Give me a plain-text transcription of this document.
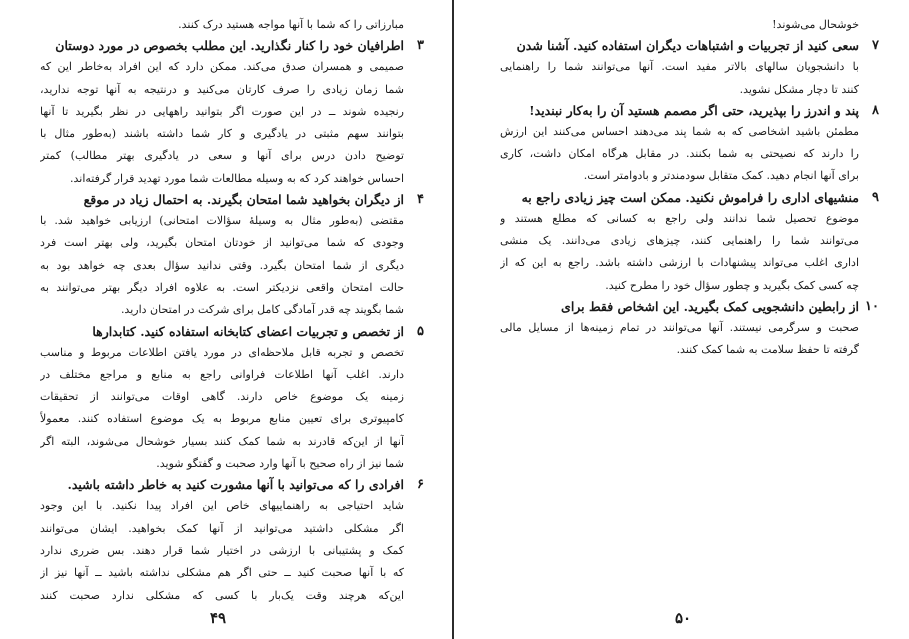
مبارزاتی را که شما با آنها مواجه هستید درک کنند.
۳
اطرافیان خود را کنار نگذارید. این مطلب بخصوص در مورد دوستان
صمیمی و همسران صدق می‌کند. ممکن دارد که این افراد به‌خاطر این که
شما زمان زیادی را صرف کارتان می‌کنید و در‌نتیجه به آنها توجه ندارید،
رنجیده شوند ــ در این صورت اگر بتوانید راههایی در نظر بگیرید تا آنها
بتوانند سهم مثبتی در یادگیری و کار شما داشته باشند (به‌طور مثال با
توضیح دادن درس برای آنها و سعی در یادگیری بهتر مطالب) کمتر
احساس خواهند کرد که به وسیله مطالعات شما مورد تهدید قرار گرفته‌اند.
۴
از دیگران بخواهید شما امتحان بگیرند. به احتمال زیاد در موقع
مقتضی (به‌طور مثال به وسیلهٔ سؤالات امتحانی) ارزیابی خواهید شد. با
وجودی که شما می‌توانید از خودتان امتحان بگیرید، ولی بهتر است فرد
دیگری از شما امتحان بگیرد. وقتی ندانید سؤال بعدی چه خواهد بود به
حالت امتحان واقعی نزدیکتر است. به علاوه افراد دیگر بهتر می‌توانند به
شما بگویند چه قدر آمادگی کامل برای شرکت در امتحان دارید.
۵
از تخصص و تجربیات اعضای کتابخانه استفاده کنید. کتابدارها
تخصص و تجربه قابل ملاحظه‌ای در مورد یافتن اطلاعات مربوط و مناسب
دارند. اغلب آنها اطلاعات فراوانی راجع به منابع و مراجع مختلف در
زمینه یک موضوع خاص دارند. گاهی اوقات می‌توانند از تحقیقات
کامپیوتری برای تعیین منابع مربوط به یک موضوع استفاده کنند. معمولاً
آنها از این‌که قادرند به شما کمک کنند بسیار خوشحال می‌شوند، البته اگر
شما نیز از راه صحیح با آنها وارد صحبت و گفتگو شوید.
۶
افرادی را که می‌توانید با آنها مشورت کنید به خاطر داشته باشید.
شاید احتیاجی به راهنماییهای خاص این افراد پیدا نکنید. با این وجود
اگر مشکلی داشتید می‌توانید از آنها کمک بخواهید. ایشان می‌توانند
کمک و پشتیبانی با ارزشی در اختیار شما قرار دهند. بس ضرری ندارد
که با آنها صحبت کنید ــ حتی اگر هم مشکلی نداشته باشید ــ آنها نیز از
این‌که هرچند وقت یک‌بار با کسی که مشکلی ندارد صحبت کنند
خوشحال می‌شوند!
۷
سعی کنید از تجربیات و اشتباهات دیگران استفاده کنید. آشنا شدن
با دانشجویان سالهای بالاتر مفید است. آنها می‌توانند شما را راهنمایی
کنند تا دچار مشکل نشوید.
۸
پند و اندرز را بپذیرید، حتی اگر مصمم هستید آن را به‌کار نبندید!
مطمئن باشید اشخاصی که به شما پند می‌دهند احساس می‌کنند این ارزش
را دارند که نصیحتی به شما بکنند. در مقابل هرگاه امکان داشت، کاری
برای آنها انجام دهید. کمک متقابل سودمندتر و بادوامتر است.
۹
منشیهای اداری را فراموش نکنید. ممکن است چیز زیادی راجع به
موضوع تحصیل شما ندانند ولی راجع به کسانی که مطلع هستند و
می‌توانند شما را راهنمایی کنند، چیزهای زیادی می‌دانند. یک منشی
اداری اغلب می‌تواند پیشنهادات با ارزشی داشته باشد. راجع به این که از
چه کسی کمک بگیرید و چطور سؤال خود را مطرح کنید.
۱۰
از رابطین دانشجویی کمک بگیرید. این اشخاص فقط برای
صحبت و سرگرمی نیستند. آنها می‌توانند در تمام زمینه‌ها از مسایل مالی
گرفته تا حفظ سلامت به شما کمک کنند.
۴۹	۵۰
